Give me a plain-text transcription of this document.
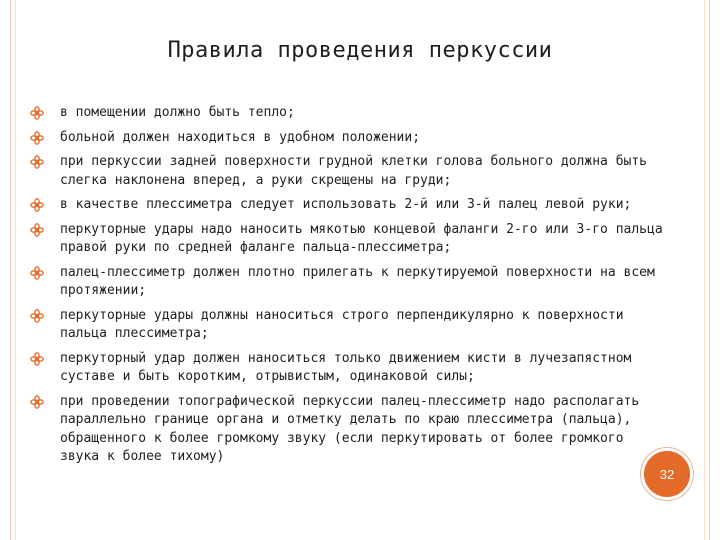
Правила проведения перкуссии
в помещении должно быть тепло;
больной должен находиться в удобном положении;
при перкуссии задней поверхности грудной клетки голова больного должна быть слегка наклонена вперед, а руки скрещены на груди;
в качестве плессиметра следует использовать 2-й или 3-й палец левой руки;
перкуторные удары надо наносить мякотью концевой фаланги 2-го или 3-го пальца правой руки по средней фаланге пальца-плессиметра;
палец-плессиметр должен плотно прилегать к перкутируемой поверхности на всем протяжении;
перкуторные удары должны наноситься строго перпендикулярно к поверхности пальца плессиметра;
перкуторный удар должен наноситься только движением кисти в лучезапястном суставе и быть коротким, отрывистым, одинаковой силы;
при проведении топографической перкуссии палец-плессиметр надо располагать параллельно границе органа и отметку делать по краю плессиметра (пальца), обращенного к более громкому звуку (если перкутировать от более громкого звука к более тихому)
32
